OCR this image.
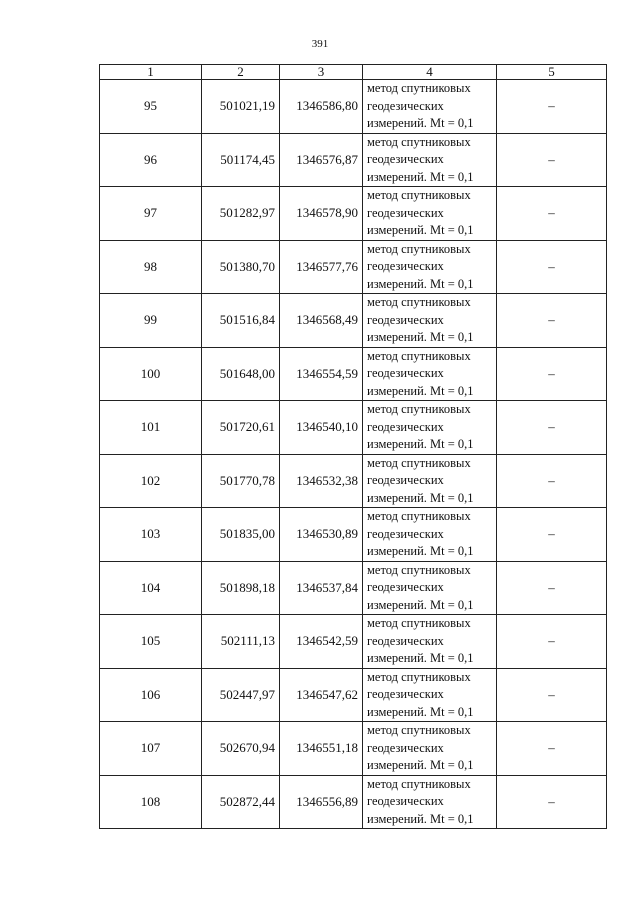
391
1	2	3	4	5
95	501021,19	1346586,80	метод спутниковых
геодезических
измерений. Mt = 0,1	–
96	501174,45	1346576,87	метод спутниковых
геодезических
измерений. Mt = 0,1	–
97	501282,97	1346578,90	метод спутниковых
геодезических
измерений. Mt = 0,1	–
98	501380,70	1346577,76	метод спутниковых
геодезических
измерений. Mt = 0,1	–
99	501516,84	1346568,49	метод спутниковых
геодезических
измерений. Mt = 0,1	–
100	501648,00	1346554,59	метод спутниковых
геодезических
измерений. Mt = 0,1	–
101	501720,61	1346540,10	метод спутниковых
геодезических
измерений. Mt = 0,1	–
102	501770,78	1346532,38	метод спутниковых
геодезических
измерений. Mt = 0,1	–
103	501835,00	1346530,89	метод спутниковых
геодезических
измерений. Mt = 0,1	–
104	501898,18	1346537,84	метод спутниковых
геодезических
измерений. Mt = 0,1	–
105	502111,13	1346542,59	метод спутниковых
геодезических
измерений. Mt = 0,1	–
106	502447,97	1346547,62	метод спутниковых
геодезических
измерений. Mt = 0,1	–
107	502670,94	1346551,18	метод спутниковых
геодезических
измерений. Mt = 0,1	–
108	502872,44	1346556,89	метод спутниковых
геодезических
измерений. Mt = 0,1	–
